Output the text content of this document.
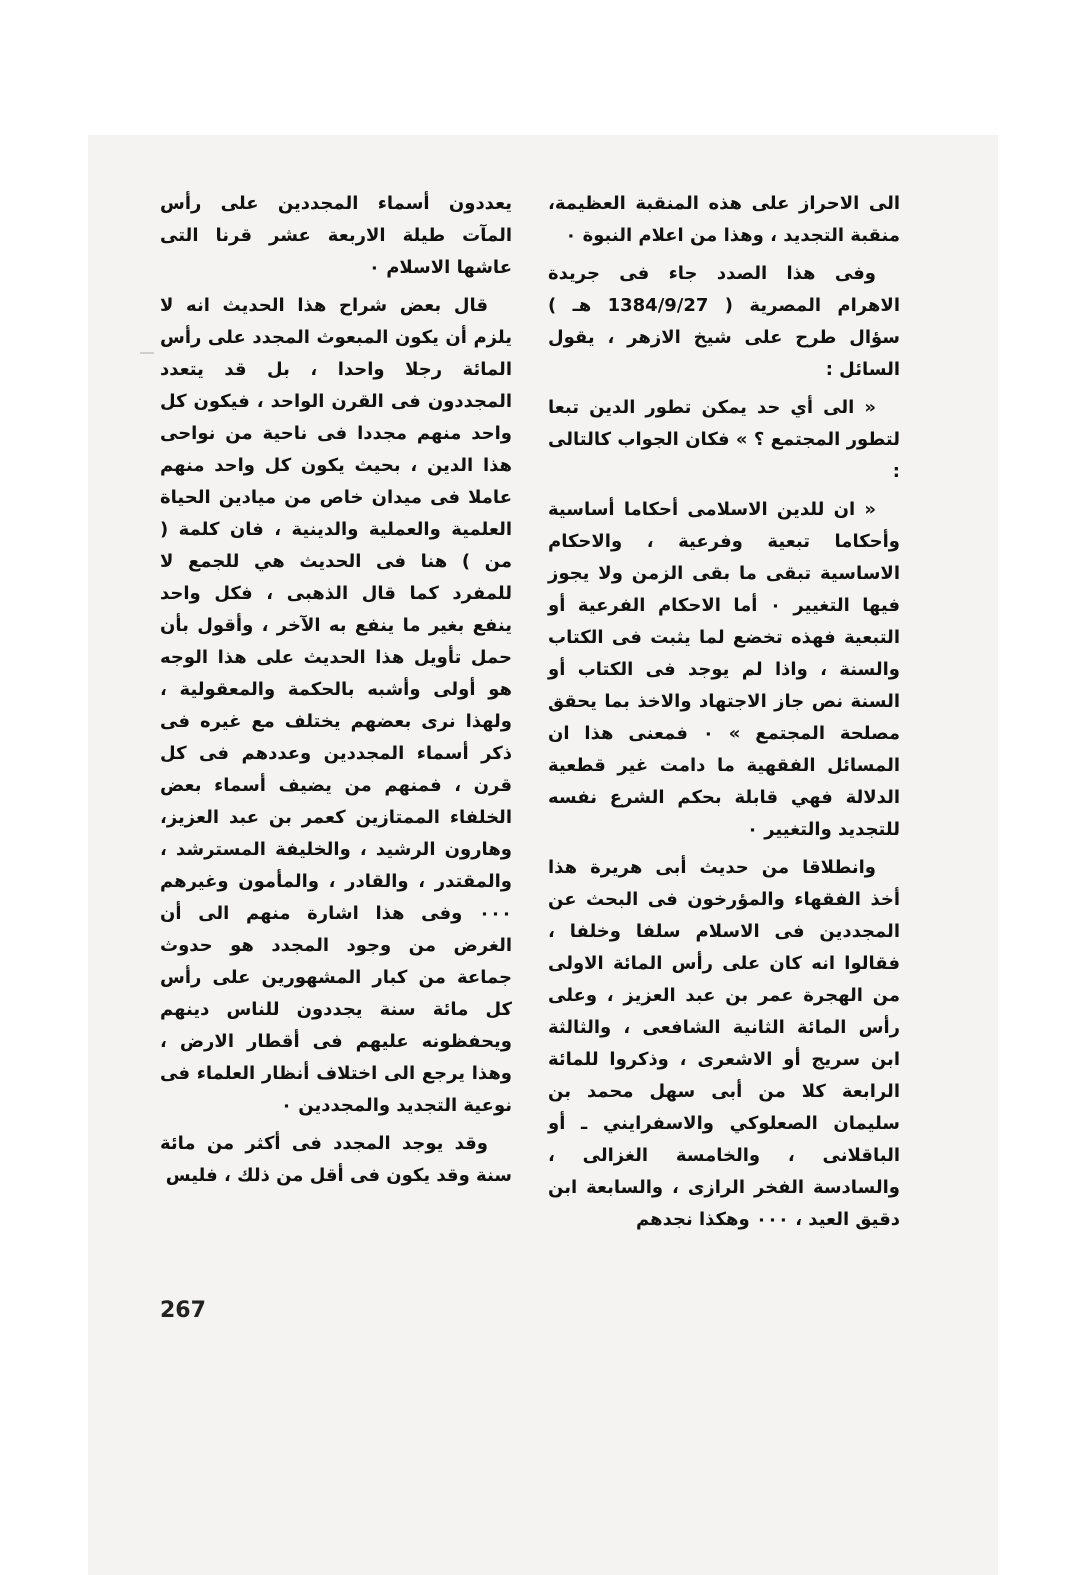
الى الاحراز على هذه المنقبة العظيمة، منقبة التجديد ، وهذا من اعلام النبوة ٠

وفى هذا الصدد جاء فى جريدة الاهرام المصرية ( 1384/9/27 هـ ) سؤال طرح على شيخ الازهر ، يقول السائل :

« الى أي حد يمكن تطور الدين تبعا لتطور المجتمع ؟ » فكان الجواب كالتالى :

« ان للدين الاسلامى أحكاما أساسية وأحكاما تبعية وفرعية ، والاحكام الاساسية تبقى ما بقى الزمن ولا يجوز فيها التغيير ٠ أما الاحكام الفرعية أو التبعية فهذه تخضع لما يثبت فى الكتاب والسنة ، واذا لم يوجد فى الكتاب أو السنة نص جاز الاجتهاد والاخذ بما يحقق مصلحة المجتمع » ٠ فمعنى هذا ان المسائل الفقهية ما دامت غير قطعية الدلالة فهي قابلة بحكم الشرع نفسه للتجديد والتغيير ٠

وانطلاقا من حديث أبى هريرة هذا أخذ الفقهاء والمؤرخون فى البحث عن المجددين فى الاسلام سلفا وخلفا ، فقالوا انه كان على رأس المائة الاولى من الهجرة عمر بن عبد العزيز ، وعلى رأس المائة الثانية الشافعى ، والثالثة ابن سريج أو الاشعرى ، وذكروا للمائة الرابعة كلا من أبى سهل محمد بن سليمان الصعلوكي والاسفرايني ـ أو الباقلانى ، والخامسة الغزالى ، والسادسة الفخر الرازى ، والسابعة ابن دقيق العيد ، ٠٠٠ وهكذا نجدهم

يعددون أسماء المجددين على رأس المآت طيلة الاربعة عشر قرنا التى عاشها الاسلام ٠

قال بعض شراح هذا الحديث انه لا يلزم أن يكون المبعوث المجدد على رأس المائة رجلا واحدا ، بل قد يتعدد المجددون فى القرن الواحد ، فيكون كل واحد منهم مجددا فى ناحية من نواحى هذا الدين ، بحيث يكون كل واحد منهم عاملا فى ميدان خاص من ميادين الحياة العلمية والعملية والدينية ، فان كلمة ( من ) هنا فى الحديث هي للجمع لا للمفرد كما قال الذهبى ، فكل واحد ينفع بغير ما ينفع به الآخر ، وأقول بأن حمل تأويل هذا الحديث على هذا الوجه هو أولى وأشبه بالحكمة والمعقولية ، ولهذا نرى بعضهم يختلف مع غيره فى ذكر أسماء المجددين وعددهم فى كل قرن ، فمنهم من يضيف أسماء بعض الخلفاء الممتازين كعمر بن عبد العزيز، وهارون الرشيد ، والخليفة المسترشد ، والمقتدر ، والقادر ، والمأمون وغيرهم ٠٠٠ وفى هذا اشارة منهم الى أن الغرض من وجود المجدد هو حدوث جماعة من كبار المشهورين على رأس كل مائة سنة يجددون للناس دينهم ويحفظونه عليهم فى أقطار الارض ، وهذا يرجع الى اختلاف أنظار العلماء فى نوعية التجديد والمجددين ٠

وقد يوجد المجدد فى أكثر من مائة سنة وقد يكون فى أقل من ذلك ، فليس

267
